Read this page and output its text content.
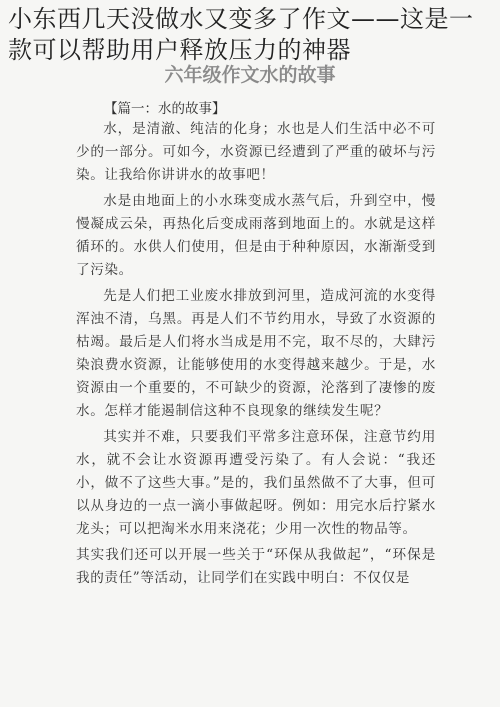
六年级作文水的故事
【篇一：水的故事】

水，是清澈、纯洁的化身；水也是人们生活中必不可少的一部分。可如今，水资源已经遭到了严重的破坏与污染。让我给你讲讲水的故事吧！

水是由地面上的小水珠变成水蒸气后，升到空中，慢慢凝成云朵，再热化后变成雨落到地面上的。水就是这样循环的。水供人们使用，但是由于种种原因，水渐渐受到了污染。

先是人们把工业废水排放到河里，造成河流的水变得浑浊不清，乌黑。再是人们不节约用水，导致了水资源的枯竭。最后是人们将水当成是用不完，取不尽的，大肆污染浪费水资源，让能够使用的水变得越来越少。于是，水资源由一个重要的，不可缺少的资源，沦落到了凄惨的废水。怎样才能遏制信这种不良现象的继续发生呢？

其实并不难，只要我们平常多注意环保，注意节约用水，就不会让水资源再遭受污染了。有人会说：“我还小，做不了这些大事。”是的，我们虽然做不了大事，但可以从身边的一点一滴小事做起呀。例如：用完水后拧紧水龙头；可以把淘米水用来浇花；少用一次性的物品等。

其实我们还可以开展一些关于“环保从我做起”，“环保是我的责任”等活动，让同学们在实践中明白：不仅仅是

小东西几天没做水又变多了作文——这是一款可以帮助用户释放压力的神器
